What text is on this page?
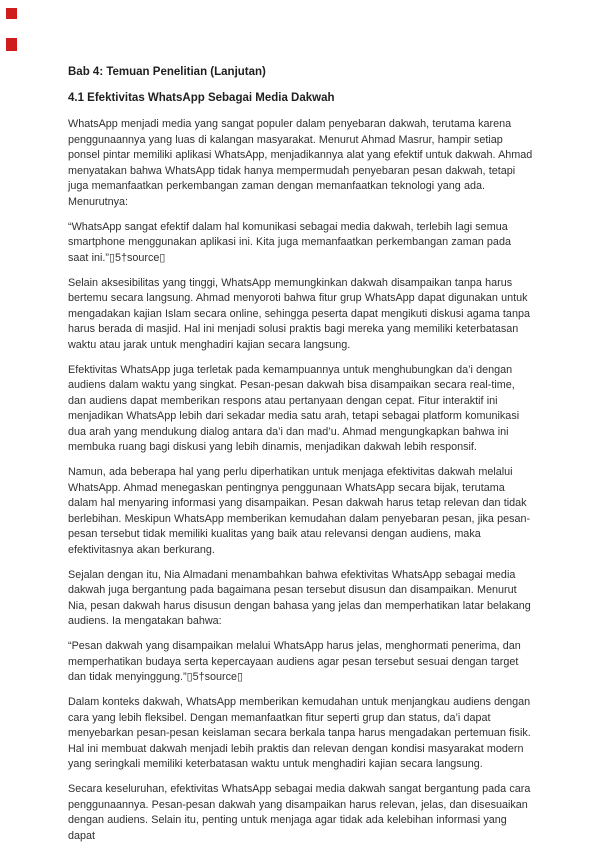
Bab 4: Temuan Penelitian (Lanjutan)
4.1 Efektivitas WhatsApp Sebagai Media Dakwah

WhatsApp menjadi media yang sangat populer dalam penyebaran dakwah, terutama karena penggunaannya yang luas di kalangan masyarakat. Menurut Ahmad Masrur, hampir setiap ponsel pintar memiliki aplikasi WhatsApp, menjadikannya alat yang efektif untuk dakwah. Ahmad menyatakan bahwa WhatsApp tidak hanya mempermudah penyebaran pesan dakwah, tetapi juga memanfaatkan perkembangan zaman dengan memanfaatkan teknologi yang ada. Menurutnya:

“WhatsApp sangat efektif dalam hal komunikasi sebagai media dakwah, terlebih lagi semua smartphone menggunakan aplikasi ini. Kita juga memanfaatkan perkembangan zaman pada saat ini.”▯5†source▯

Selain aksesibilitas yang tinggi, WhatsApp memungkinkan dakwah disampaikan tanpa harus bertemu secara langsung. Ahmad menyoroti bahwa fitur grup WhatsApp dapat digunakan untuk mengadakan kajian Islam secara online, sehingga peserta dapat mengikuti diskusi agama tanpa harus berada di masjid. Hal ini menjadi solusi praktis bagi mereka yang memiliki keterbatasan waktu atau jarak untuk menghadiri kajian secara langsung.

Efektivitas WhatsApp juga terletak pada kemampuannya untuk menghubungkan da’i dengan audiens dalam waktu yang singkat. Pesan-pesan dakwah bisa disampaikan secara real-time, dan audiens dapat memberikan respons atau pertanyaan dengan cepat. Fitur interaktif ini menjadikan WhatsApp lebih dari sekadar media satu arah, tetapi sebagai platform komunikasi dua arah yang mendukung dialog antara da’i dan mad’u. Ahmad mengungkapkan bahwa ini membuka ruang bagi diskusi yang lebih dinamis, menjadikan dakwah lebih responsif.

Namun, ada beberapa hal yang perlu diperhatikan untuk menjaga efektivitas dakwah melalui WhatsApp. Ahmad menegaskan pentingnya penggunaan WhatsApp secara bijak, terutama dalam hal menyaring informasi yang disampaikan. Pesan dakwah harus tetap relevan dan tidak berlebihan. Meskipun WhatsApp memberikan kemudahan dalam penyebaran pesan, jika pesan-pesan tersebut tidak memiliki kualitas yang baik atau relevansi dengan audiens, maka efektivitasnya akan berkurang.

Sejalan dengan itu, Nia Almadani menambahkan bahwa efektivitas WhatsApp sebagai media dakwah juga bergantung pada bagaimana pesan tersebut disusun dan disampaikan. Menurut Nia, pesan dakwah harus disusun dengan bahasa yang jelas dan memperhatikan latar belakang audiens. Ia mengatakan bahwa:

“Pesan dakwah yang disampaikan melalui WhatsApp harus jelas, menghormati penerima, dan memperhatikan budaya serta kepercayaan audiens agar pesan tersebut sesuai dengan target dan tidak menyinggung.”▯5†source▯

Dalam konteks dakwah, WhatsApp memberikan kemudahan untuk menjangkau audiens dengan cara yang lebih fleksibel. Dengan memanfaatkan fitur seperti grup dan status, da’i dapat menyebarkan pesan-pesan keislaman secara berkala tanpa harus mengadakan pertemuan fisik. Hal ini membuat dakwah menjadi lebih praktis dan relevan dengan kondisi masyarakat modern yang seringkali memiliki keterbatasan waktu untuk menghadiri kajian secara langsung.

Secara keseluruhan, efektivitas WhatsApp sebagai media dakwah sangat bergantung pada cara penggunaannya. Pesan-pesan dakwah yang disampaikan harus relevan, jelas, dan disesuaikan dengan audiens. Selain itu, penting untuk menjaga agar tidak ada kelebihan informasi yang dapat
